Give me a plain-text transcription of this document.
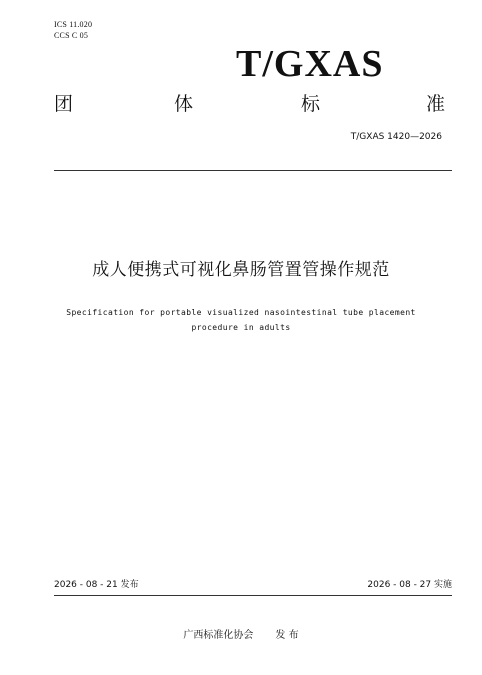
ICS 11.020
CCS C 05
T/GXAS
团	体	标	准
T/GXAS 1420—2026
成人便携式可视化鼻肠管置管操作规范
Specification for portable visualized nasointestinal tube placement
procedure in adults
2026 - 08 - 21 发布	2026 - 08 - 27 实施
广西标准化协会 发 布
